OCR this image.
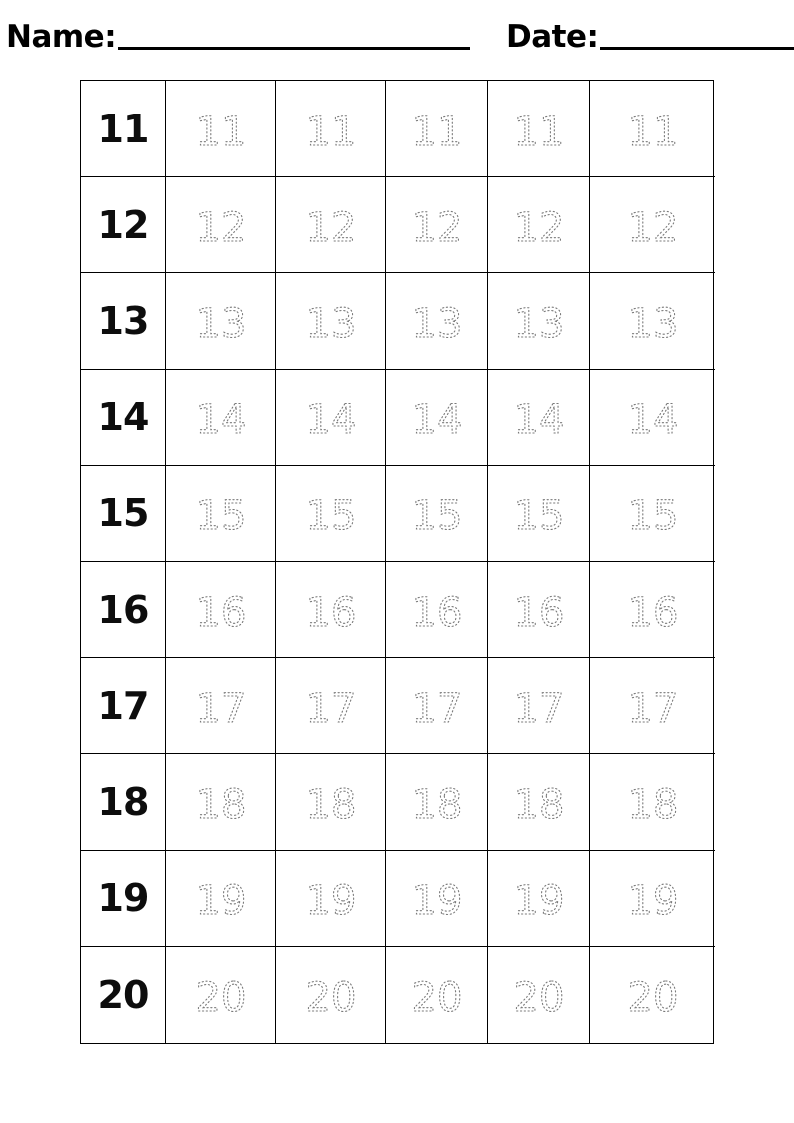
Name:	Date:
11 11 11 11 11 11
12 12 12 12 12 12
13 13 13 13 13 13
14 14 14 14 14 14
15 15 15 15 15 15
16 16 16 16 16 16
17 17 17 17 17 17
18 18 18 18 18 18
19 19 19 19 19 19
20 20 20 20 20 20
